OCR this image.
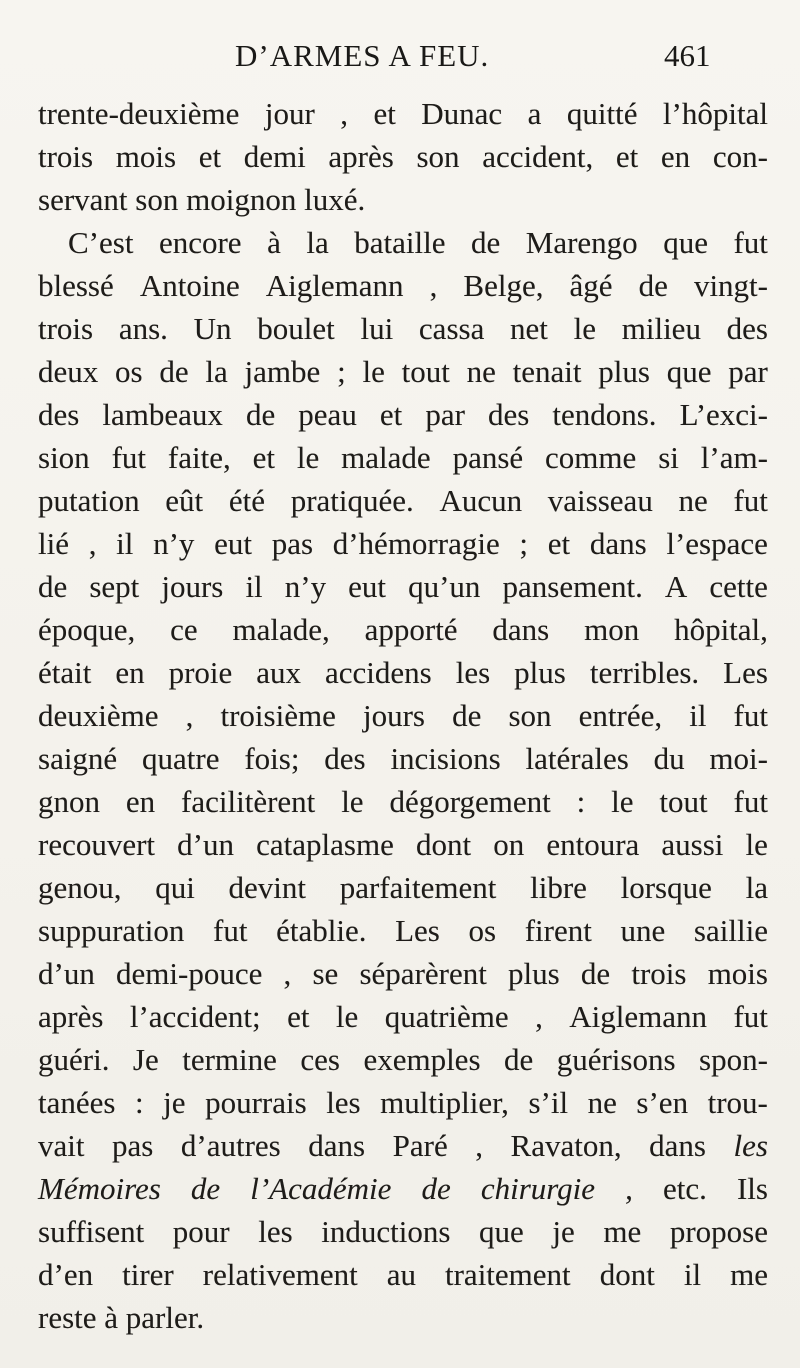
D’ARMES A FEU.	461
trente-deuxième jour , et Dunac a quitté l’hôpital
trois mois et demi après son accident, et en con-
servant
son
moignon
luxé.
C’est encore à la bataille de Marengo que fut
blessé Antoine Aiglemann , Belge, âgé de vingt-
trois ans. Un boulet lui cassa net le milieu des
deux os de la jambe ; le tout ne tenait plus que par
des lambeaux de peau et par des tendons. L’exci-
sion fut faite, et le malade pansé comme si l’am-
putation eût été pratiquée. Aucun vaisseau ne fut
lié , il n’y eut pas d’hémorragie ; et dans l’espace
de sept jours il n’y eut qu’un pansement. A cette
époque, ce malade, apporté dans mon hôpital,
était en proie aux accidens les plus terribles. Les
deuxième , troisième jours de son entrée, il fut
saigné quatre fois; des incisions latérales du moi-
gnon en facilitèrent le dégorgement : le tout fut
recouvert d’un cataplasme dont on entoura aussi le
genou, qui devint parfaitement libre lorsque la
suppuration fut établie. Les os firent une saillie
d’un demi-pouce , se séparèrent plus de trois mois
après l’accident; et le quatrième , Aiglemann fut
guéri. Je termine ces exemples de guérisons spon-
tanées : je pourrais les multiplier, s’il ne s’en trou-
vait pas d’autres dans Paré , Ravaton, dans les
Mémoires de l’Académie de chirurgie , etc. Ils
suffisent pour les inductions que je me propose
d’en tirer relativement au traitement dont il me
reste
à
parler.
